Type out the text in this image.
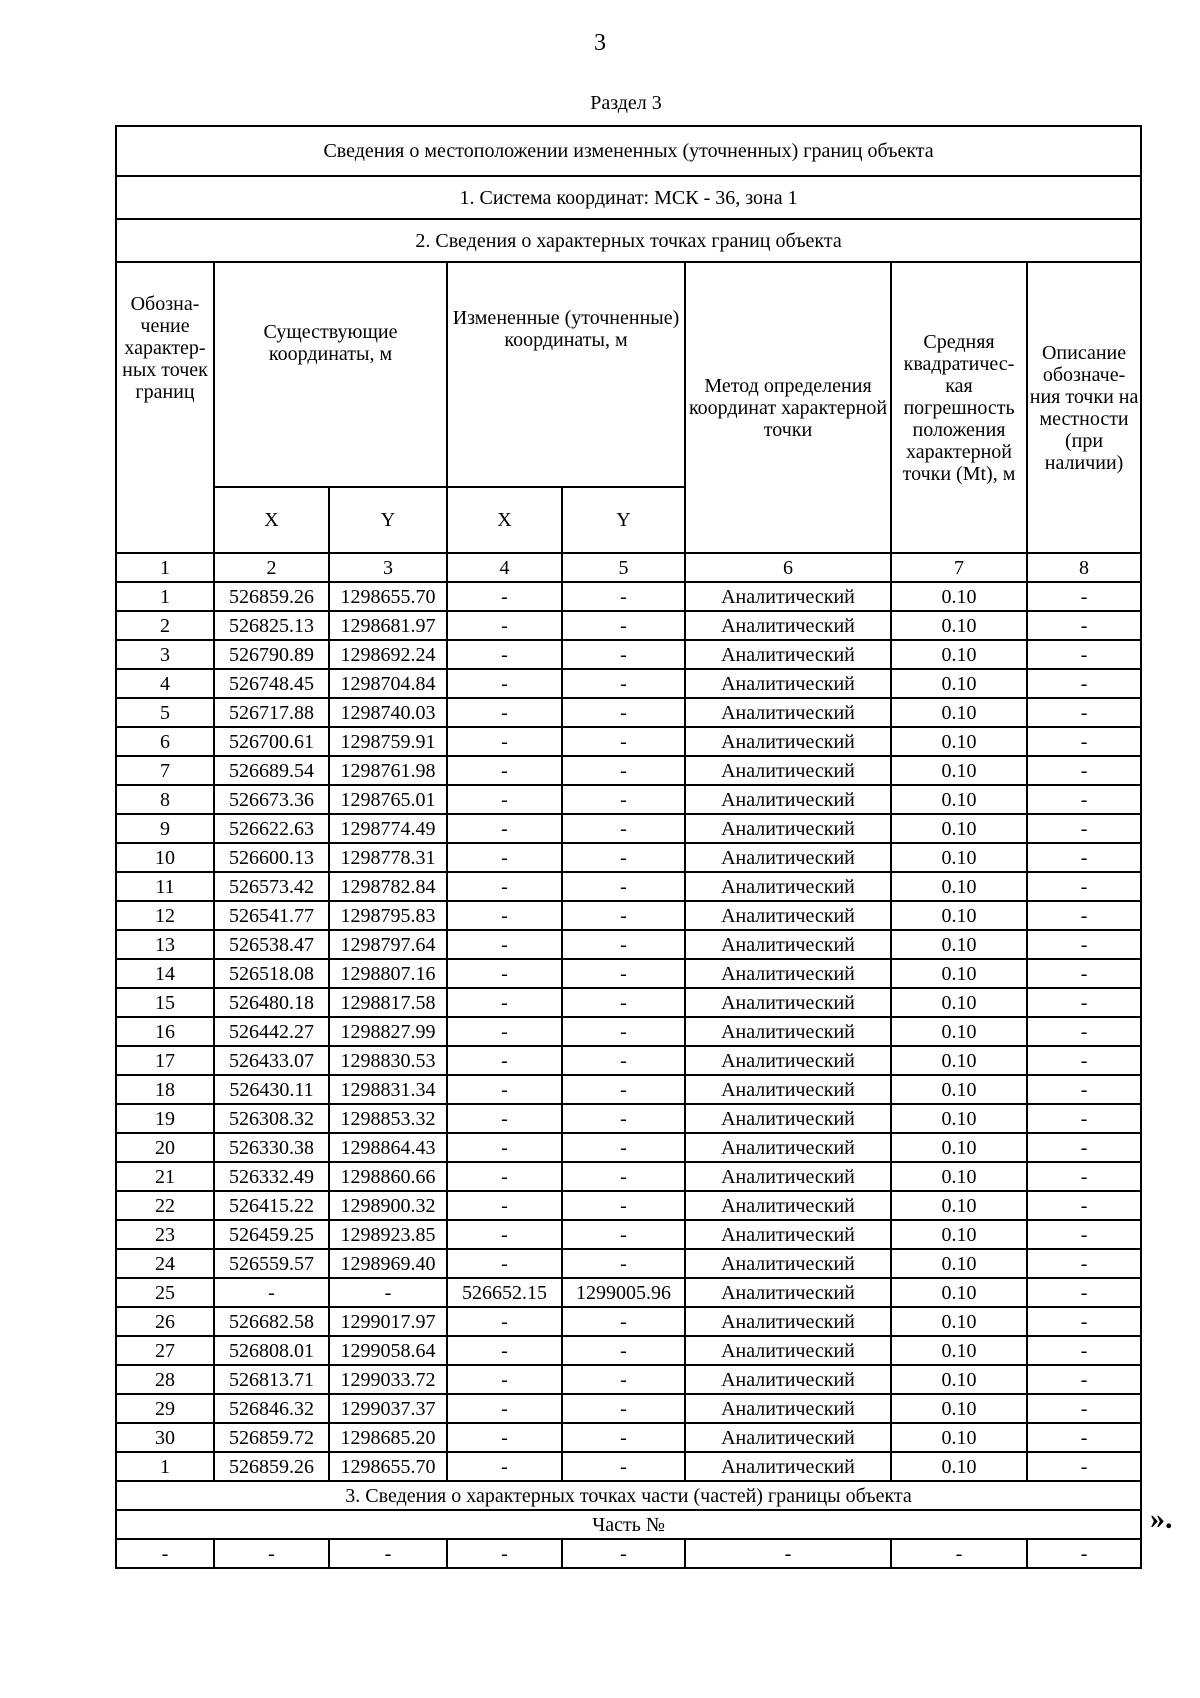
3
Раздел 3
Сведения о местоположении измененных (уточненных) границ объекта							
1. Система координат: МСК - 36, зона 1							
2. Сведения о характерных точках границ объекта							
Обозна-чение характер-ных точек границ	Существующие координаты, м		Измененные (уточненные) координаты, м		Метод определения координат характерной точки	Средняя квадратичес-кая погрешность положения характерной точки (Mt), м	Описание обозначе-ния точки на местности (при наличии)
	X	Y	X	Y			
1	2	3	4	5	6	7	8
1	526859.26	1298655.70	-	-	Аналитический	0.10	-
2	526825.13	1298681.97	-	-	Аналитический	0.10	-
3	526790.89	1298692.24	-	-	Аналитический	0.10	-
4	526748.45	1298704.84	-	-	Аналитический	0.10	-
5	526717.88	1298740.03	-	-	Аналитический	0.10	-
6	526700.61	1298759.91	-	-	Аналитический	0.10	-
7	526689.54	1298761.98	-	-	Аналитический	0.10	-
8	526673.36	1298765.01	-	-	Аналитический	0.10	-
9	526622.63	1298774.49	-	-	Аналитический	0.10	-
10	526600.13	1298778.31	-	-	Аналитический	0.10	-
11	526573.42	1298782.84	-	-	Аналитический	0.10	-
12	526541.77	1298795.83	-	-	Аналитический	0.10	-
13	526538.47	1298797.64	-	-	Аналитический	0.10	-
14	526518.08	1298807.16	-	-	Аналитический	0.10	-
15	526480.18	1298817.58	-	-	Аналитический	0.10	-
16	526442.27	1298827.99	-	-	Аналитический	0.10	-
17	526433.07	1298830.53	-	-	Аналитический	0.10	-
18	526430.11	1298831.34	-	-	Аналитический	0.10	-
19	526308.32	1298853.32	-	-	Аналитический	0.10	-
20	526330.38	1298864.43	-	-	Аналитический	0.10	-
21	526332.49	1298860.66	-	-	Аналитический	0.10	-
22	526415.22	1298900.32	-	-	Аналитический	0.10	-
23	526459.25	1298923.85	-	-	Аналитический	0.10	-
24	526559.57	1298969.40	-	-	Аналитический	0.10	-
25	-	-	526652.15	1299005.96	Аналитический	0.10	-
26	526682.58	1299017.97	-	-	Аналитический	0.10	-
27	526808.01	1299058.64	-	-	Аналитический	0.10	-
28	526813.71	1299033.72	-	-	Аналитический	0.10	-
29	526846.32	1299037.37	-	-	Аналитический	0.10	-
30	526859.72	1298685.20	-	-	Аналитический	0.10	-
1	526859.26	1298655.70	-	-	Аналитический	0.10	-
3. Сведения о характерных точках части (частей) границы объекта							
Часть №							
-	-	-	-	-	-	-	-
».
